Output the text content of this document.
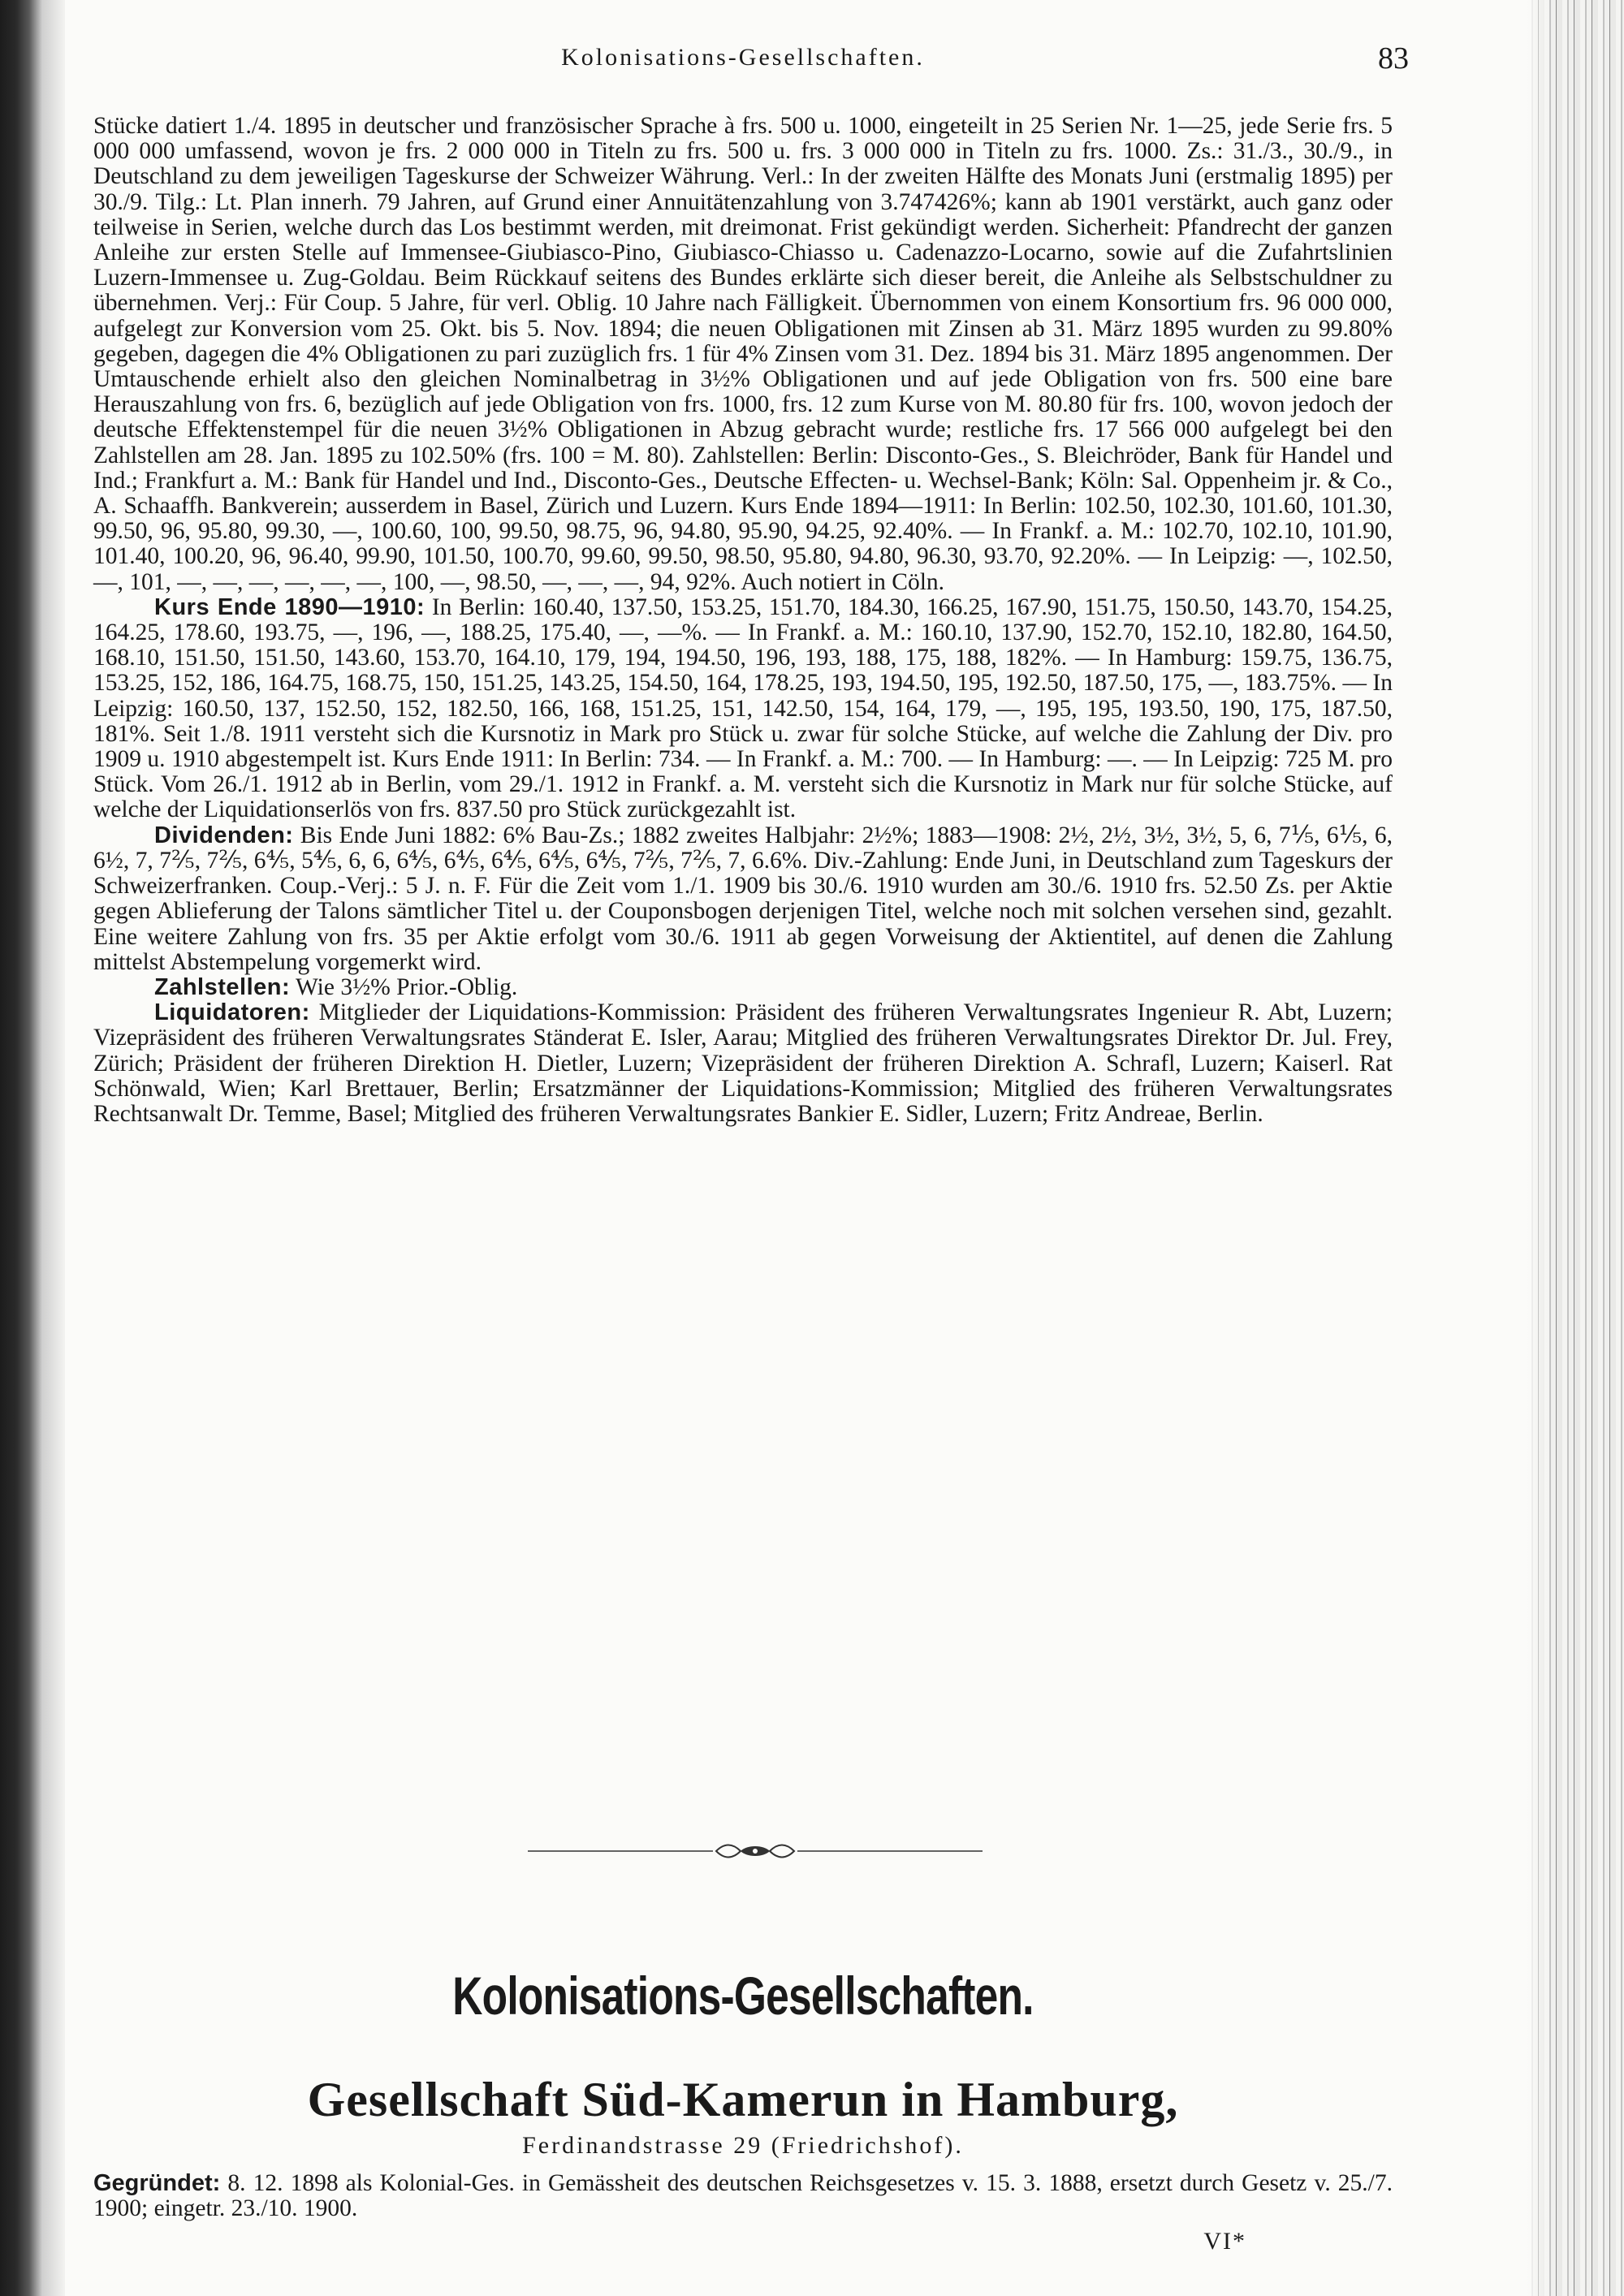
Kolonisations-Gesellschaften.	83

Stücke datiert 1./4. 1895 in deutscher und französischer Sprache à frs. 500 u. 1000, eingeteilt in 25 Serien Nr. 1—25, jede Serie frs. 5 000 000 umfassend, wovon je frs. 2 000 000 in Titeln zu frs. 500 u. frs. 3 000 000 in Titeln zu frs. 1000. Zs.: 31./3., 30./9., in Deutschland zu dem jeweiligen Tageskurse der Schweizer Währung. Verl.: In der zweiten Hälfte des Monats Juni (erstmalig 1895) per 30./9. Tilg.: Lt. Plan innerh. 79 Jahren, auf Grund einer Annuitätenzahlung von 3.747426%; kann ab 1901 verstärkt, auch ganz oder teilweise in Serien, welche durch das Los bestimmt werden, mit dreimonat. Frist gekündigt werden. Sicherheit: Pfandrecht der ganzen Anleihe zur ersten Stelle auf Immensee-Giubiasco-Pino, Giubiasco-Chiasso u. Cadenazzo-Locarno, sowie auf die Zufahrtslinien Luzern-Immensee u. Zug-Goldau. Beim Rückkauf seitens des Bundes erklärte sich dieser bereit, die Anleihe als Selbstschuldner zu übernehmen. Verj.: Für Coup. 5 Jahre, für verl. Oblig. 10 Jahre nach Fälligkeit. Übernommen von einem Konsortium frs. 96 000 000, aufgelegt zur Konversion vom 25. Okt. bis 5. Nov. 1894; die neuen Obligationen mit Zinsen ab 31. März 1895 wurden zu 99.80% gegeben, dagegen die 4% Obligationen zu pari zuzüglich frs. 1 für 4% Zinsen vom 31. Dez. 1894 bis 31. März 1895 angenommen. Der Umtauschende erhielt also den gleichen Nominalbetrag in 3½% Obligationen und auf jede Obligation von frs. 500 eine bare Herauszahlung von frs. 6, bezüglich auf jede Obligation von frs. 1000, frs. 12 zum Kurse von M. 80.80 für frs. 100, wovon jedoch der deutsche Effektenstempel für die neuen 3½% Obligationen in Abzug gebracht wurde; restliche frs. 17 566 000 aufgelegt bei den Zahlstellen am 28. Jan. 1895 zu 102.50% (frs. 100 = M. 80). Zahlstellen: Berlin: Disconto-Ges., S. Bleichröder, Bank für Handel und Ind.; Frankfurt a. M.: Bank für Handel und Ind., Disconto-Ges., Deutsche Effecten- u. Wechsel-Bank; Köln: Sal. Oppenheim jr. & Co., A. Schaaffh. Bankverein; ausserdem in Basel, Zürich und Luzern. Kurs Ende 1894—1911: In Berlin: 102.50, 102.30, 101.60, 101.30, 99.50, 96, 95.80, 99.30, —, 100.60, 100, 99.50, 98.75, 96, 94.80, 95.90, 94.25, 92.40%. — In Frankf. a. M.: 102.70, 102.10, 101.90, 101.40, 100.20, 96, 96.40, 99.90, 101.50, 100.70, 99.60, 99.50, 98.50, 95.80, 94.80, 96.30, 93.70, 92.20%. — In Leipzig: —, 102.50, —, 101, —, —, —, —, —, —, 100, —, 98.50, —, —, —, 94, 92%. Auch notiert in Cöln.

Kurs Ende 1890—1910: In Berlin: 160.40, 137.50, 153.25, 151.70, 184.30, 166.25, 167.90, 151.75, 150.50, 143.70, 154.25, 164.25, 178.60, 193.75, —, 196, —, 188.25, 175.40, —, —%. — In Frankf. a. M.: 160.10, 137.90, 152.70, 152.10, 182.80, 164.50, 168.10, 151.50, 151.50, 143.60, 153.70, 164.10, 179, 194, 194.50, 196, 193, 188, 175, 188, 182%. — In Hamburg: 159.75, 136.75, 153.25, 152, 186, 164.75, 168.75, 150, 151.25, 143.25, 154.50, 164, 178.25, 193, 194.50, 195, 192.50, 187.50, 175, —, 183.75%. — In Leipzig: 160.50, 137, 152.50, 152, 182.50, 166, 168, 151.25, 151, 142.50, 154, 164, 179, —, 195, 195, 193.50, 190, 175, 187.50, 181%. Seit 1./8. 1911 versteht sich die Kursnotiz in Mark pro Stück u. zwar für solche Stücke, auf welche die Zahlung der Div. pro 1909 u. 1910 abgestempelt ist. Kurs Ende 1911: In Berlin: 734. — In Frankf. a. M.: 700. — In Hamburg: —. — In Leipzig: 725 M. pro Stück. Vom 26./1. 1912 ab in Berlin, vom 29./1. 1912 in Frankf. a. M. versteht sich die Kursnotiz in Mark nur für solche Stücke, auf welche der Liquidationserlös von frs. 837.50 pro Stück zurückgezahlt ist.

Dividenden: Bis Ende Juni 1882: 6% Bau-Zs.; 1882 zweites Halbjahr: 2½%; 1883—1908: 2½, 2½, 3½, 3½, 5, 6, 7⅕, 6⅕, 6, 6½, 7, 7⅖, 7⅖, 6⅘, 5⅘, 6, 6, 6⅘, 6⅘, 6⅘, 6⅘, 6⅘, 7⅖, 7⅖, 7, 6.6%. Div.-Zahlung: Ende Juni, in Deutschland zum Tageskurs der Schweizerfranken. Coup.-Verj.: 5 J. n. F. Für die Zeit vom 1./1. 1909 bis 30./6. 1910 wurden am 30./6. 1910 frs. 52.50 Zs. per Aktie gegen Ablieferung der Talons sämtlicher Titel u. der Couponsbogen derjenigen Titel, welche noch mit solchen versehen sind, gezahlt. Eine weitere Zahlung von frs. 35 per Aktie erfolgt vom 30./6. 1911 ab gegen Vorweisung der Aktientitel, auf denen die Zahlung mittelst Abstempelung vorgemerkt wird.

Zahlstellen: Wie 3½% Prior.-Oblig.

Liquidatoren: Mitglieder der Liquidations-Kommission: Präsident des früheren Verwaltungsrates Ingenieur R. Abt, Luzern; Vizepräsident des früheren Verwaltungsrates Ständerat E. Isler, Aarau; Mitglied des früheren Verwaltungsrates Direktor Dr. Jul. Frey, Zürich; Präsident der früheren Direktion H. Dietler, Luzern; Vizepräsident der früheren Direktion A. Schrafl, Luzern; Kaiserl. Rat Schönwald, Wien; Karl Brettauer, Berlin; Ersatzmänner der Liquidations-Kommission; Mitglied des früheren Verwaltungsrates Rechtsanwalt Dr. Temme, Basel; Mitglied des früheren Verwaltungsrates Bankier E. Sidler, Luzern; Fritz Andreae, Berlin.

Kolonisations-Gesellschaften.
Gesellschaft Süd-Kamerun in Hamburg,
Ferdinandstrasse 29 (Friedrichshof).
Gegründet: 8. 12. 1898 als Kolonial-Ges. in Gemässheit des deutschen Reichsgesetzes v. 15. 3. 1888, ersetzt durch Gesetz v. 25./7. 1900; eingetr. 23./10. 1900.
VI*
